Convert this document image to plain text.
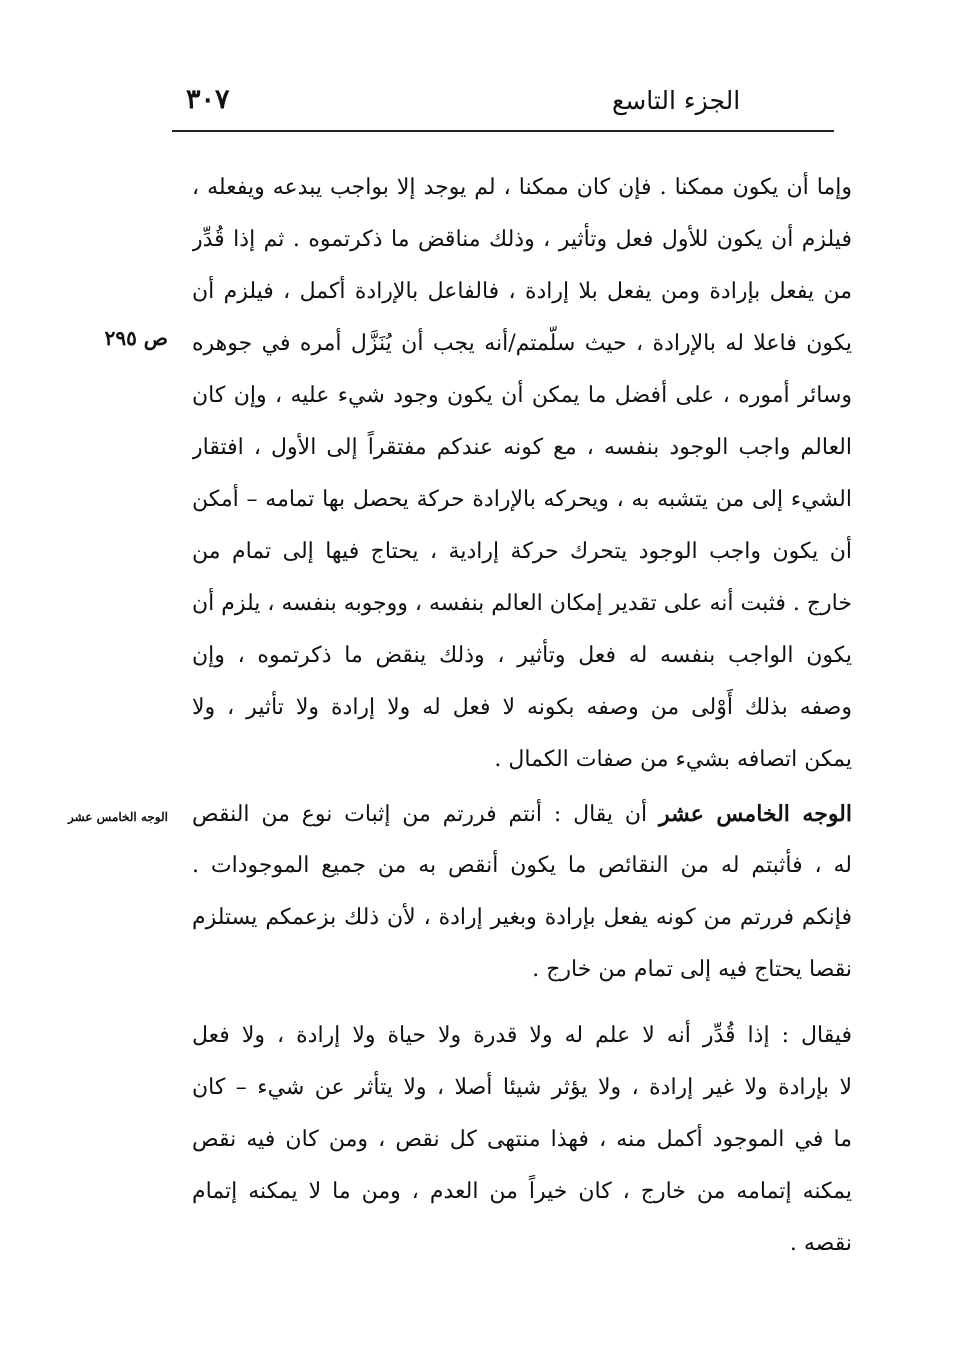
٣٠٧	الجزء التاسع
ص ٢٩٥
الوجه الخامس عشر
وإما أن يكون ممكنا . فإن كان ممكنا ، لم يوجد إلا بواجب يبدعه ويفعله ،
فيلزم أن يكون للأول فعل وتأثير ، وذلك مناقض ما ذكرتموه . ثم إذا قُدِّر
من يفعل بإرادة ومن يفعل بلا إرادة ، فالفاعل بالإرادة أكمل ، فيلزم أن
يكون فاعلا له بالإرادة ، حيث سلّمتم/أنه يجب أن يُنَزَّل أمره في جوهره
وسائر أموره ، على أفضل ما يمكن أن يكون وجود شيء عليه ، وإن كان
العالم واجب الوجود بنفسه ، مع كونه عندكم مفتقراً إلى الأول ، افتقار
الشيء إلى من يتشبه به ، ويحركه بالإرادة حركة يحصل بها تمامه – أمكن
أن يكون واجب الوجود يتحرك حركة إرادية ، يحتاج فيها إلى تمام من
خارج . فثبت أنه على تقدير إمكان العالم بنفسه ، ووجوبه بنفسه ، يلزم أن
يكون الواجب بنفسه له فعل وتأثير ، وذلك ينقض ما ذكرتموه ، وإن
وصفه بذلك أَوْلى من وصفه بكونه لا فعل له ولا إرادة ولا تأثير ، ولا
يمكن اتصافه بشيء من صفات الكمال .
الوجه الخامس عشر أن يقال : أنتم فررتم من إثبات نوع من النقص
له ، فأثبتم له من النقائص ما يكون أنقص به من جميع الموجودات .
فإنكم فررتم من كونه يفعل بإرادة وبغير إرادة ، لأن ذلك بزعمكم يستلزم
نقصا يحتاج فيه إلى تمام من خارج .
فيقال : إذا قُدِّر أنه لا علم له ولا قدرة ولا حياة ولا إرادة ، ولا فعل
لا بإرادة ولا غير إرادة ، ولا يؤثر شيئا أصلا ، ولا يتأثر عن شيء – كان
ما في الموجود أكمل منه ، فهذا منتهى كل نقص ، ومن كان فيه نقص
يمكنه إتمامه من خارج ، كان خيراً من العدم ، ومن ما لا يمكنه إتمام
نقصه .
